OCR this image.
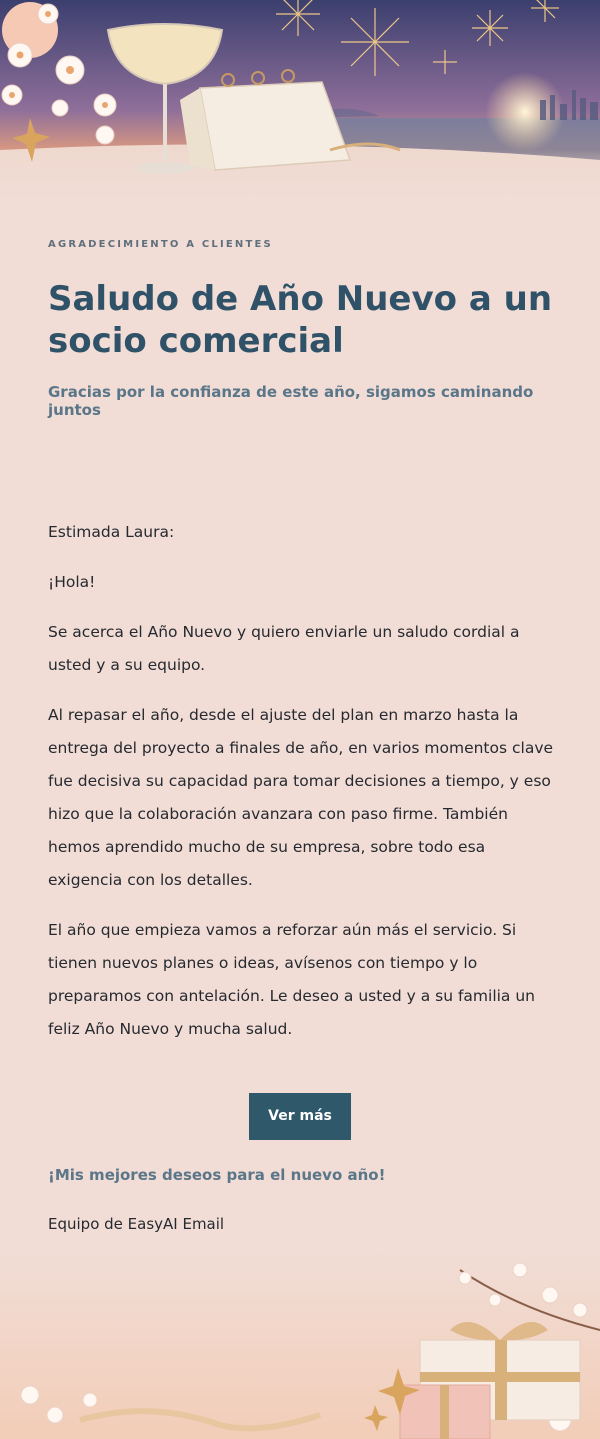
AGRADECIMIENTO A CLIENTES
Saludo de Año Nuevo a un socio comercial
Gracias por la confianza de este año, sigamos caminando juntos

Estimada Laura:

¡Hola!

Se acerca el Año Nuevo y quiero enviarle un saludo cordial a usted y a su equipo.

Al repasar el año, desde el ajuste del plan en marzo hasta la entrega del proyecto a finales de año, en varios momentos clave fue decisiva su capacidad para tomar decisiones a tiempo, y eso hizo que la colaboración avanzara con paso firme. También hemos aprendido mucho de su empresa, sobre todo esa exigencia con los detalles.

El año que empieza vamos a reforzar aún más el servicio. Si tienen nuevos planes o ideas, avísenos con tiempo y lo preparamos con antelación. Le deseo a usted y a su familia un feliz Año Nuevo y mucha salud.

Ver más
¡Mis mejores deseos para el nuevo año!
Equipo de EasyAI Email
